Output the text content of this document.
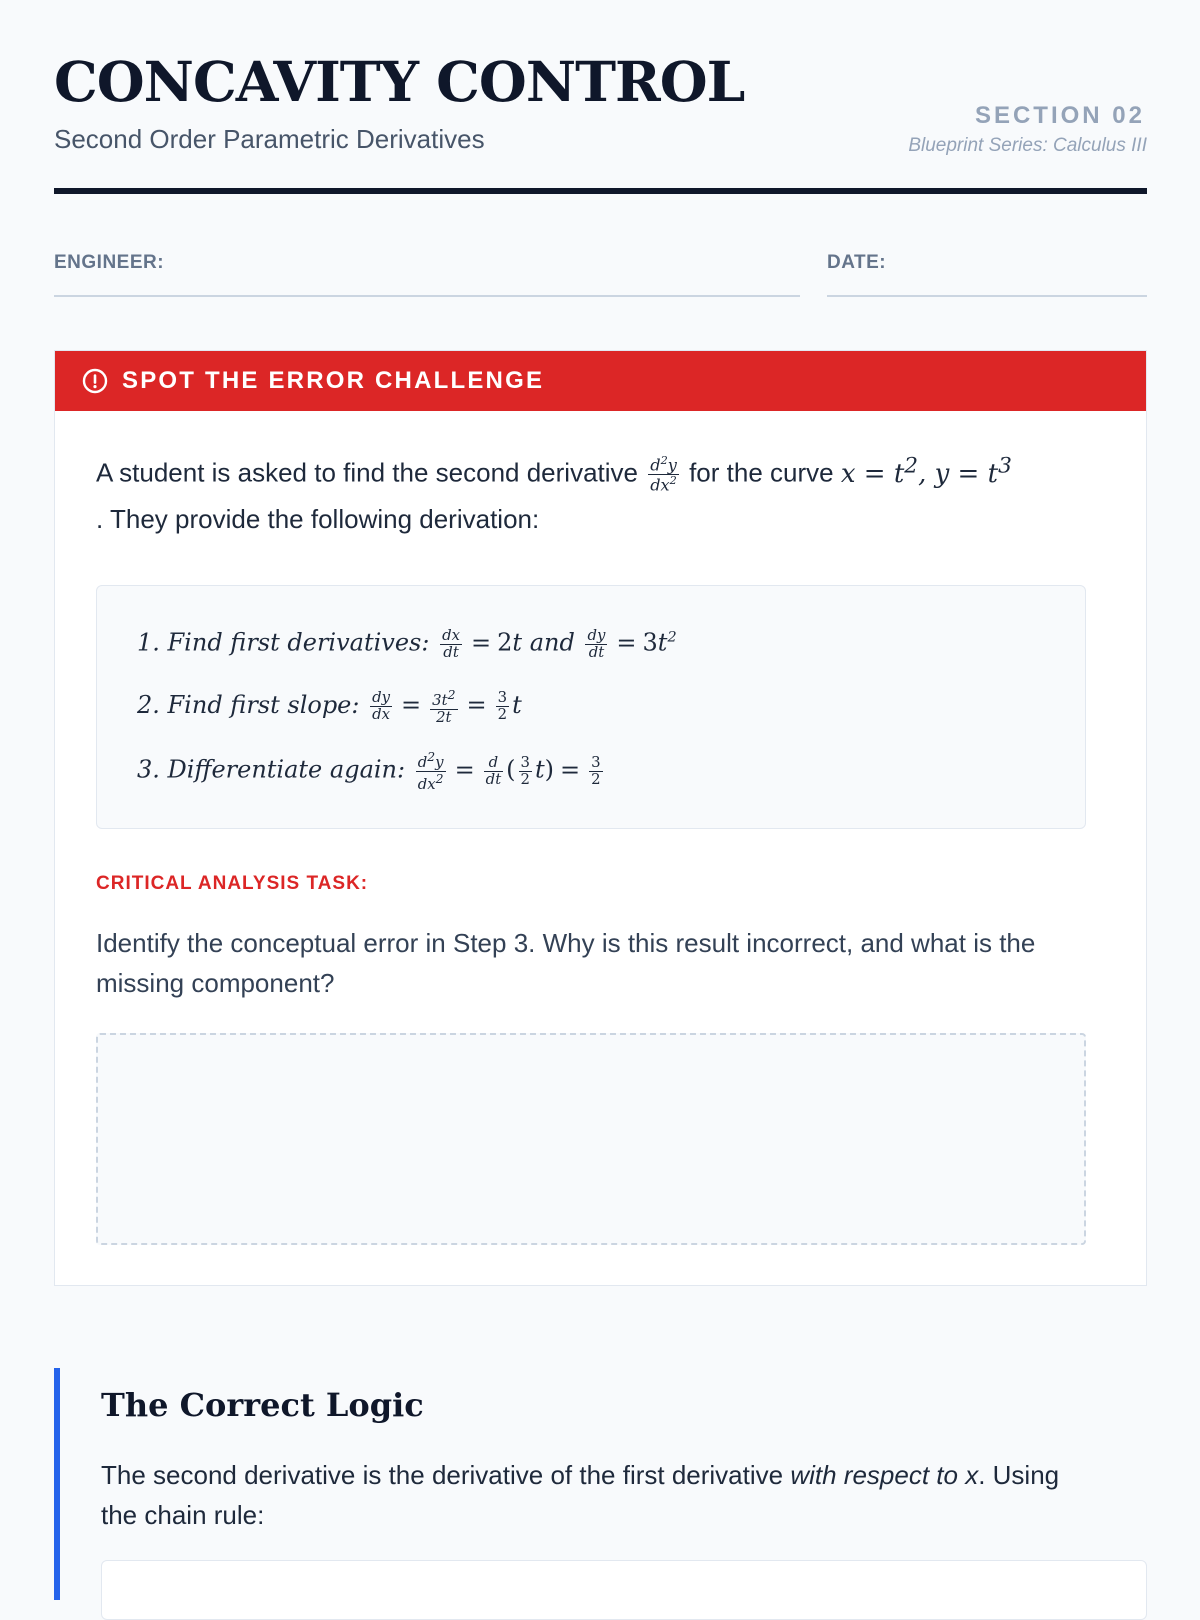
CONCAVITY CONTROL
Second Order Parametric Derivatives
SECTION 02
Blueprint Series: Calculus III
ENGINEER:	DATE:
SPOT THE ERROR CHALLENGE
A student is asked to find the second derivative $\frac{d^2y}{dx^2}$ for the curve $x = t^2$, $y = t^3$
. They provide the following derivation:
1. Find first derivatives: $\frac{dx}{dt} = 2t$ and $\frac{dy}{dt} = 3t^2$
2. Find first slope: $\frac{dy}{dx} = \frac{3t^2}{2t} = \frac{3}{2}$ t
3. Differentiate again: $\frac{d^2y}{dx^2} = \frac{d}{dt}$ ( $\frac{3}{2} t) = \frac{3}{2}$
CRITICAL ANALYSIS TASK:
Identify the conceptual error in Step 3. Why is this result incorrect, and what is the missing component?
The Correct Logic
The second derivative is the derivative of the first derivative with respect to x. Using the chain rule:
